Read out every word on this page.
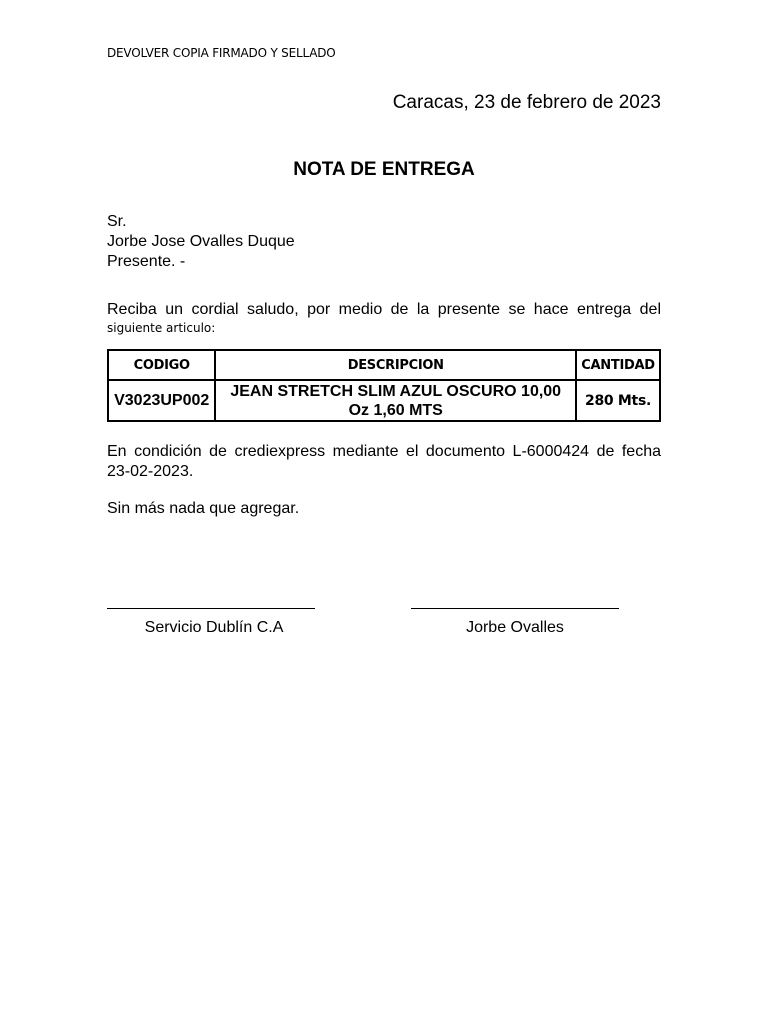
DEVOLVER COPIA FIRMADO Y SELLADO
Caracas, 23 de febrero de 2023
NOTA DE ENTREGA
Sr.
Jorbe Jose Ovalles Duque
Presente. -
Reciba un cordial saludo, por medio de la presente se hace entrega del
siguiente articulo:
CODIGO	DESCRIPCION	CANTIDAD
V3023UP002	JEAN STRETCH SLIM AZUL OSCURO 10,00 Oz 1,60 MTS	280 Mts.
En condición de crediexpress mediante el documento L-6000424 de fecha 23-02-2023.
Sin más nada que agregar.
Servicio Dublín C.A	Jorbe Ovalles
